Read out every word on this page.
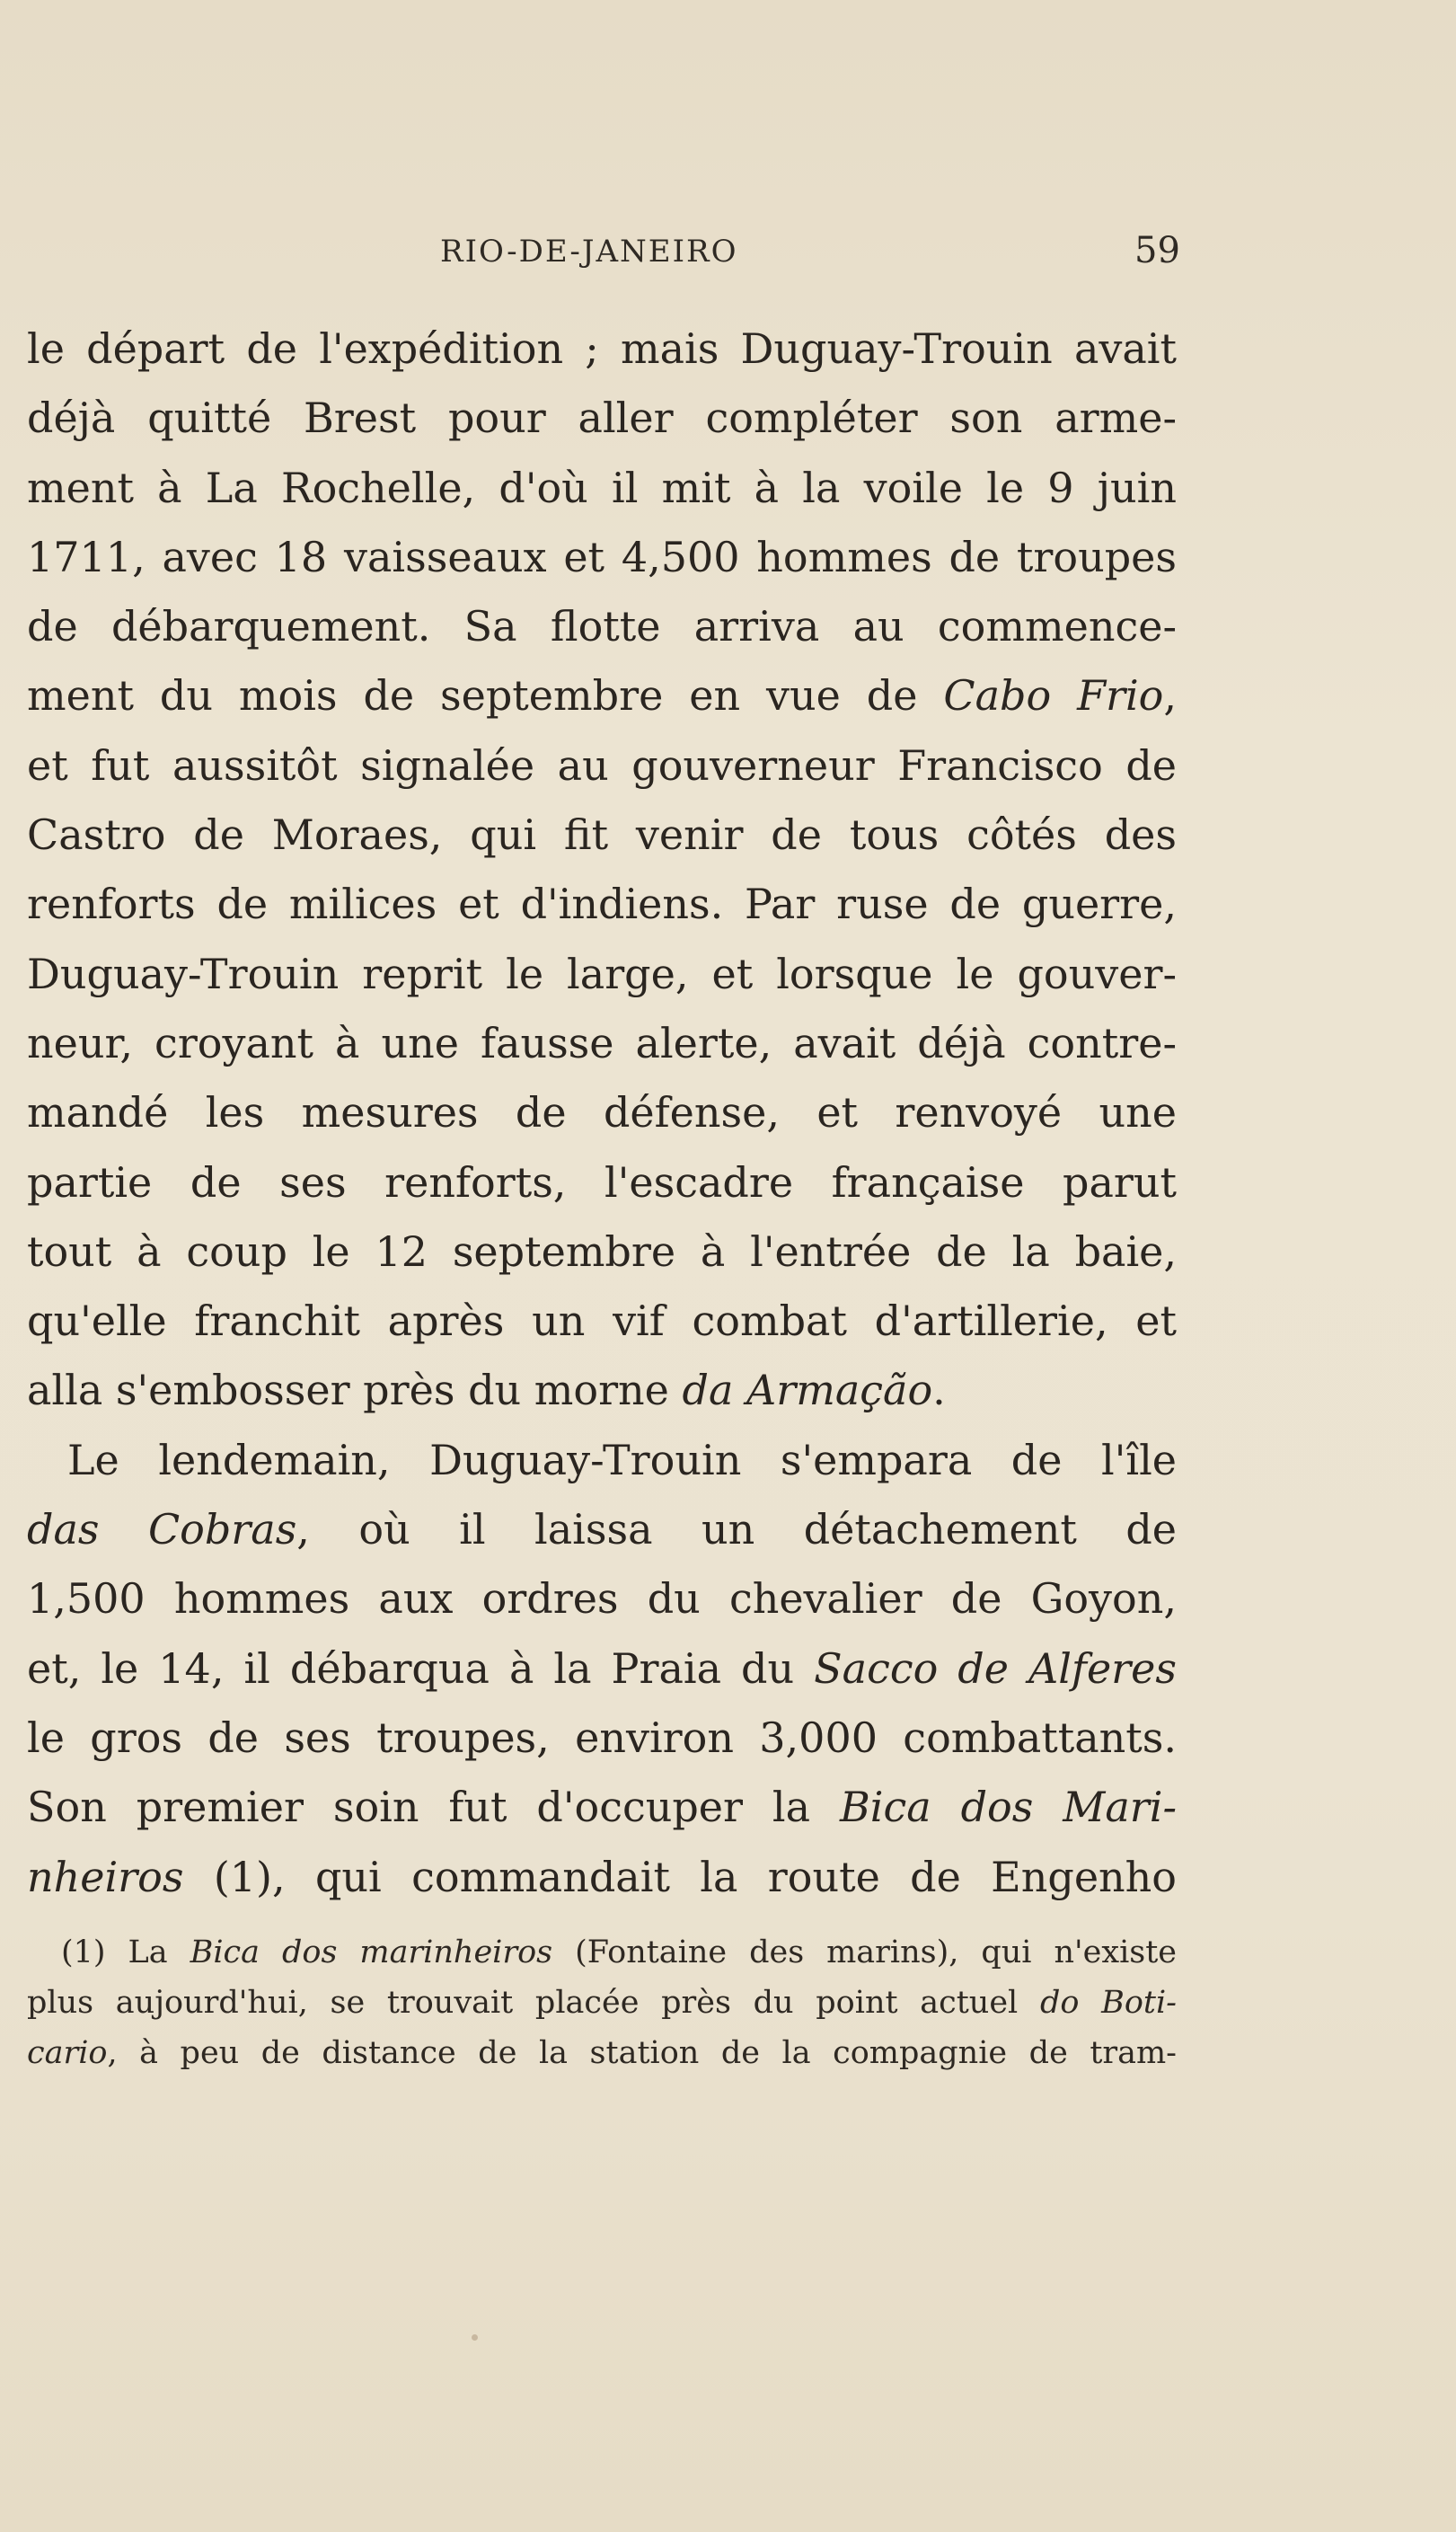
RIO-DE-JANEIRO	59
le départ de l'expédition ; mais Duguay-Trouin avait
déjà quitté Brest pour aller compléter son arme-
ment à La Rochelle, d'où il mit à la voile le 9 juin
1711, avec 18 vaisseaux et 4,500 hommes de troupes
de débarquement. Sa flotte arriva au commence-
ment du mois de septembre en vue de Cabo Frio,
et fut aussitôt signalée au gouverneur Francisco de
Castro de Moraes, qui fit venir de tous côtés des
renforts de milices et d'indiens. Par ruse de guerre,
Duguay-Trouin reprit le large, et lorsque le gouver-
neur, croyant à une fausse alerte, avait déjà contre-
mandé les mesures de défense, et renvoyé une
partie de ses renforts, l'escadre française parut
tout à coup le 12 septembre à l'entrée de la baie,
qu'elle franchit après un vif combat d'artillerie, et
alla s'embosser près du morne da Armação.
Le lendemain, Duguay-Trouin s'empara de l'île
das Cobras, où il laissa un détachement de
1,500 hommes aux ordres du chevalier de Goyon,
et, le 14, il débarqua à la Praia du Sacco de Alferes
le gros de ses troupes, environ 3,000 combattants.
Son premier soin fut d'occuper la Bica dos Mari-
nheiros (1), qui commandait la route de Engenho
(1) La Bica dos marinheiros (Fontaine des marins), qui n'existe
plus aujourd'hui, se trouvait placée près du point actuel do Boti-
cario, à peu de distance de la station de la compagnie de tram-
